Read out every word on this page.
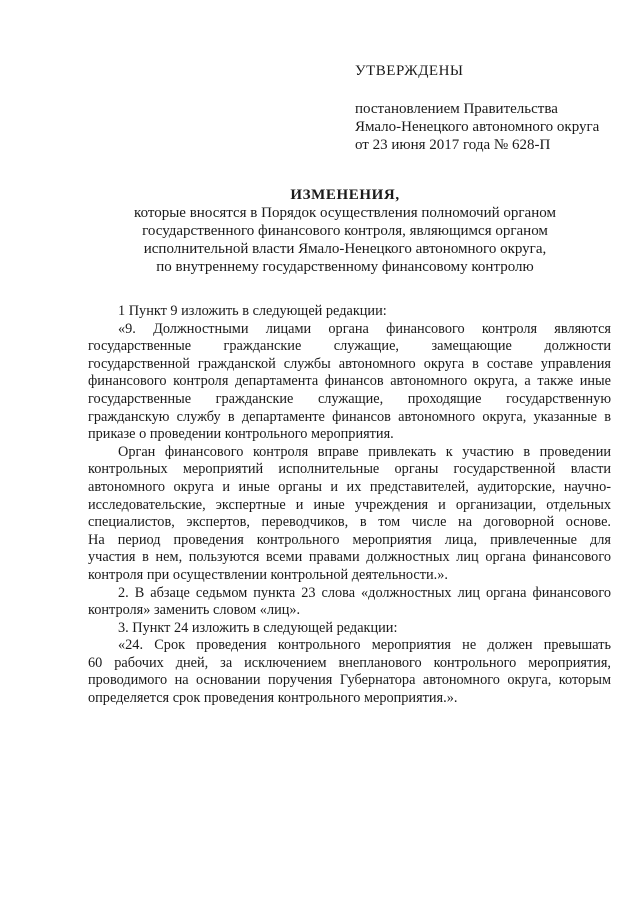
УТВЕРЖДЕНЫ
постановлением Правительства
Ямало-Ненецкого автономного округа
от 23 июня 2017 года № 628-П
ИЗМЕНЕНИЯ,
которые вносятся в Порядок осуществления полномочий органом
государственного финансового контроля, являющимся органом
исполнительной власти Ямало-Ненецкого автономного округа,
по внутреннему государственному финансовому контролю
1 Пункт 9 изложить в следующей редакции:
«9. Должностными лицами органа финансового контроля являются
государственные гражданские служащие, замещающие должности
государственной гражданской службы автономного округа в составе управления
финансового контроля департамента финансов автономного округа, а также иные
государственные гражданские служащие, проходящие государственную
гражданскую службу в департаменте финансов автономного округа, указанные в
приказе о проведении контрольного мероприятия.
Орган финансового контроля вправе привлекать к участию в проведении
контрольных мероприятий исполнительные органы государственной власти
автономного округа и иные органы и их представителей, аудиторские, научно-
исследовательские, экспертные и иные учреждения и организации, отдельных
специалистов, экспертов, переводчиков, в том числе на договорной основе.
На период проведения контрольного мероприятия лица, привлеченные для
участия в нем, пользуются всеми правами должностных лиц органа финансового
контроля при осуществлении контрольной деятельности.».
2. В абзаце седьмом пункта 23 слова «должностных лиц органа финансового
контроля» заменить словом «лиц».
3. Пункт 24 изложить в следующей редакции:
«24. Срок проведения контрольного мероприятия не должен превышать
60 рабочих дней, за исключением внепланового контрольного мероприятия,
проводимого на основании поручения Губернатора автономного округа, которым
определяется срок проведения контрольного мероприятия.».
